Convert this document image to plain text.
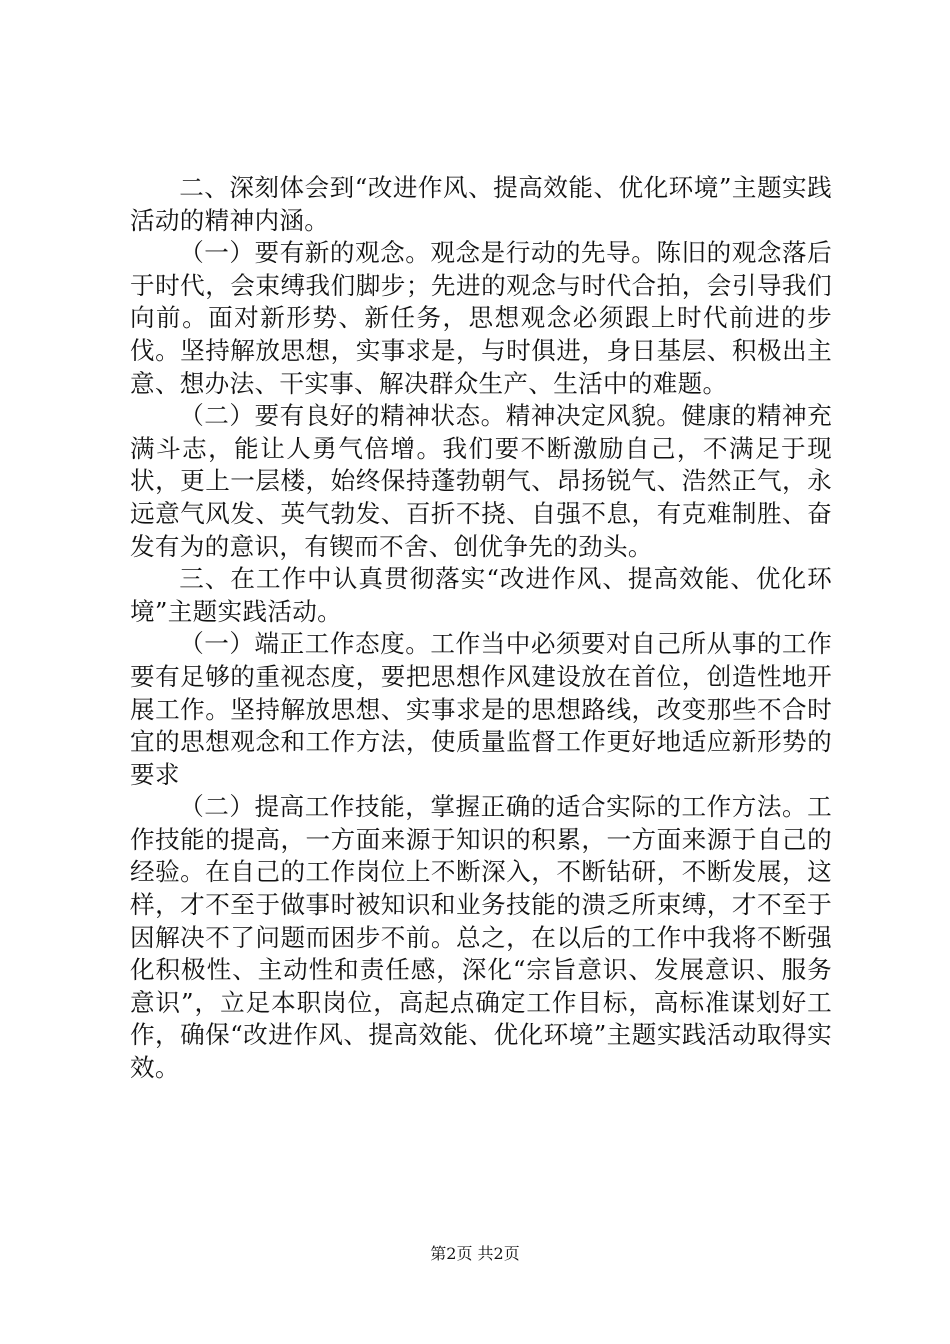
二、深刻体会到“改进作风、提高效能、优化环境”主题实践活动的精神内涵。

（一）要有新的观念。观念是行动的先导。陈旧的观念落后于时代，会束缚我们脚步；先进的观念与时代合拍，会引导我们向前。面对新形势、新任务，思想观念必须跟上时代前进的步伐。坚持解放思想，实事求是，与时俱进，身日基层、积极出主意、想办法、干实事、解决群众生产、生活中的难题。

（二）要有良好的精神状态。精神决定风貌。健康的精神充满斗志，能让人勇气倍增。我们要不断激励自己，不满足于现状，更上一层楼，始终保持蓬勃朝气、昂扬锐气、浩然正气，永远意气风发、英气勃发、百折不挠、自强不息，有克难制胜、奋发有为的意识，有锲而不舍、创优争先的劲头。

三、在工作中认真贯彻落实“改进作风、提高效能、优化环境”主题实践活动。

（一）端正工作态度。工作当中必须要对自己所从事的工作要有足够的重视态度，要把思想作风建设放在首位，创造性地开展工作。坚持解放思想、实事求是的思想路线，改变那些不合时宜的思想观念和工作方法，使质量监督工作更好地适应新形势的要求

（二）提高工作技能，掌握正确的适合实际的工作方法。工作技能的提高，一方面来源于知识的积累，一方面来源于自己的经验。在自己的工作岗位上不断深入，不断钻研，不断发展，这样，才不至于做事时被知识和业务技能的溃乏所束缚，才不至于因解决不了问题而困步不前。总之，在以后的工作中我将不断强化积极性、主动性和责任感，深化“宗旨意识、发展意识、服务意识”，立足本职岗位，高起点确定工作目标，高标准谋划好工作，确保“改进作风、提高效能、优化环境”主题实践活动取得实效。

第2页 共2页
